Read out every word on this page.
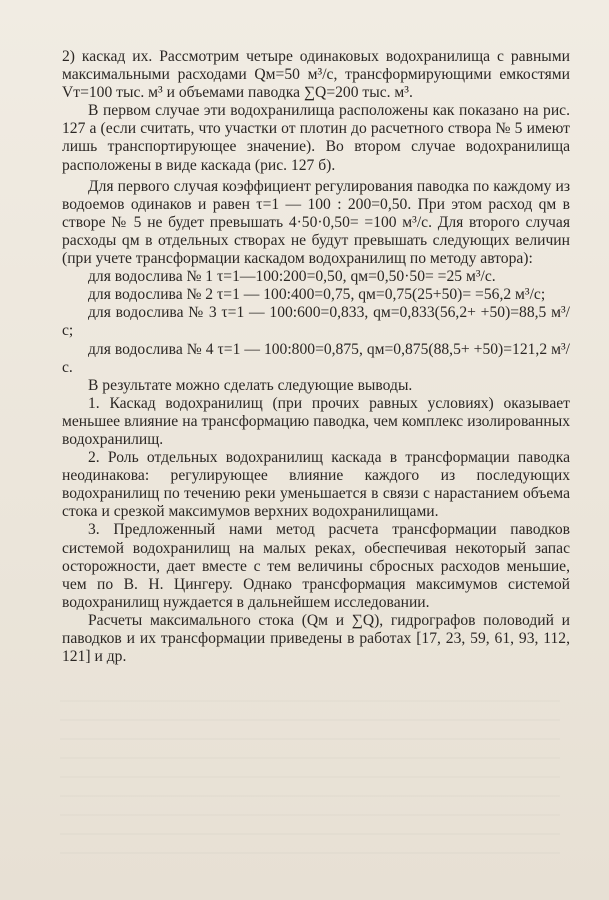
2) каскад их. Рассмотрим четыре одинаковых водохранилища с равными максимальными расходами Qм=50 м³/с, трансформирующими емкостями Vт=100 тыс. м³ и объемами паводка ∑Q=200 тыс. м³.

В первом случае эти водохранилища расположены как показано на рис. 127 а (если считать, что участки от плотин до расчетного створа № 5 имеют лишь транспортирующее значение). Во втором случае водохранилища расположены в виде каскада (рис. 127 б).

Для первого случая коэффициент регулирования паводка по каждому из водоемов одинаков и равен τ=1 — 100 : 200=0,50. При этом расход qм в створе № 5 не будет превышать 4·50·0,50= =100 м³/с. Для второго случая расходы qм в отдельных створах не будут превышать следующих величин (при учете трансформации каскадом водохранилищ по методу автора):

для водослива № 1 τ=1—100:200=0,50, qм=0,50·50= =25 м³/с.

для водослива № 2 τ=1 — 100:400=0,75, qм=0,75(25+50)= =56,2 м³/с;

для водослива № 3 τ=1 — 100:600=0,833, qм=0,833(56,2+ +50)=88,5 м³/с;

для водослива № 4 τ=1 — 100:800=0,875, qм=0,875(88,5+ +50)=121,2 м³/с.

В результате можно сделать следующие выводы.

1. Каскад водохранилищ (при прочих равных условиях) оказывает меньшее влияние на трансформацию паводка, чем комплекс изолированных водохранилищ.

2. Роль отдельных водохранилищ каскада в трансформации паводка неодинакова: регулирующее влияние каждого из последующих водохранилищ по течению реки уменьшается в связи с нарастанием объема стока и срезкой максимумов верхних водохранилищами.

3. Предложенный нами метод расчета трансформации паводков системой водохранилищ на малых реках, обеспечивая некоторый запас осторожности, дает вместе с тем величины сбросных расходов меньшие, чем по В. Н. Цингеру. Однако трансформация максимумов системой водохранилищ нуждается в дальнейшем исследовании.

Расчеты максимального стока (Qм и ∑Q), гидрографов половодий и паводков и их трансформации приведены в работах [17, 23, 59, 61, 93, 112, 121] и др.
